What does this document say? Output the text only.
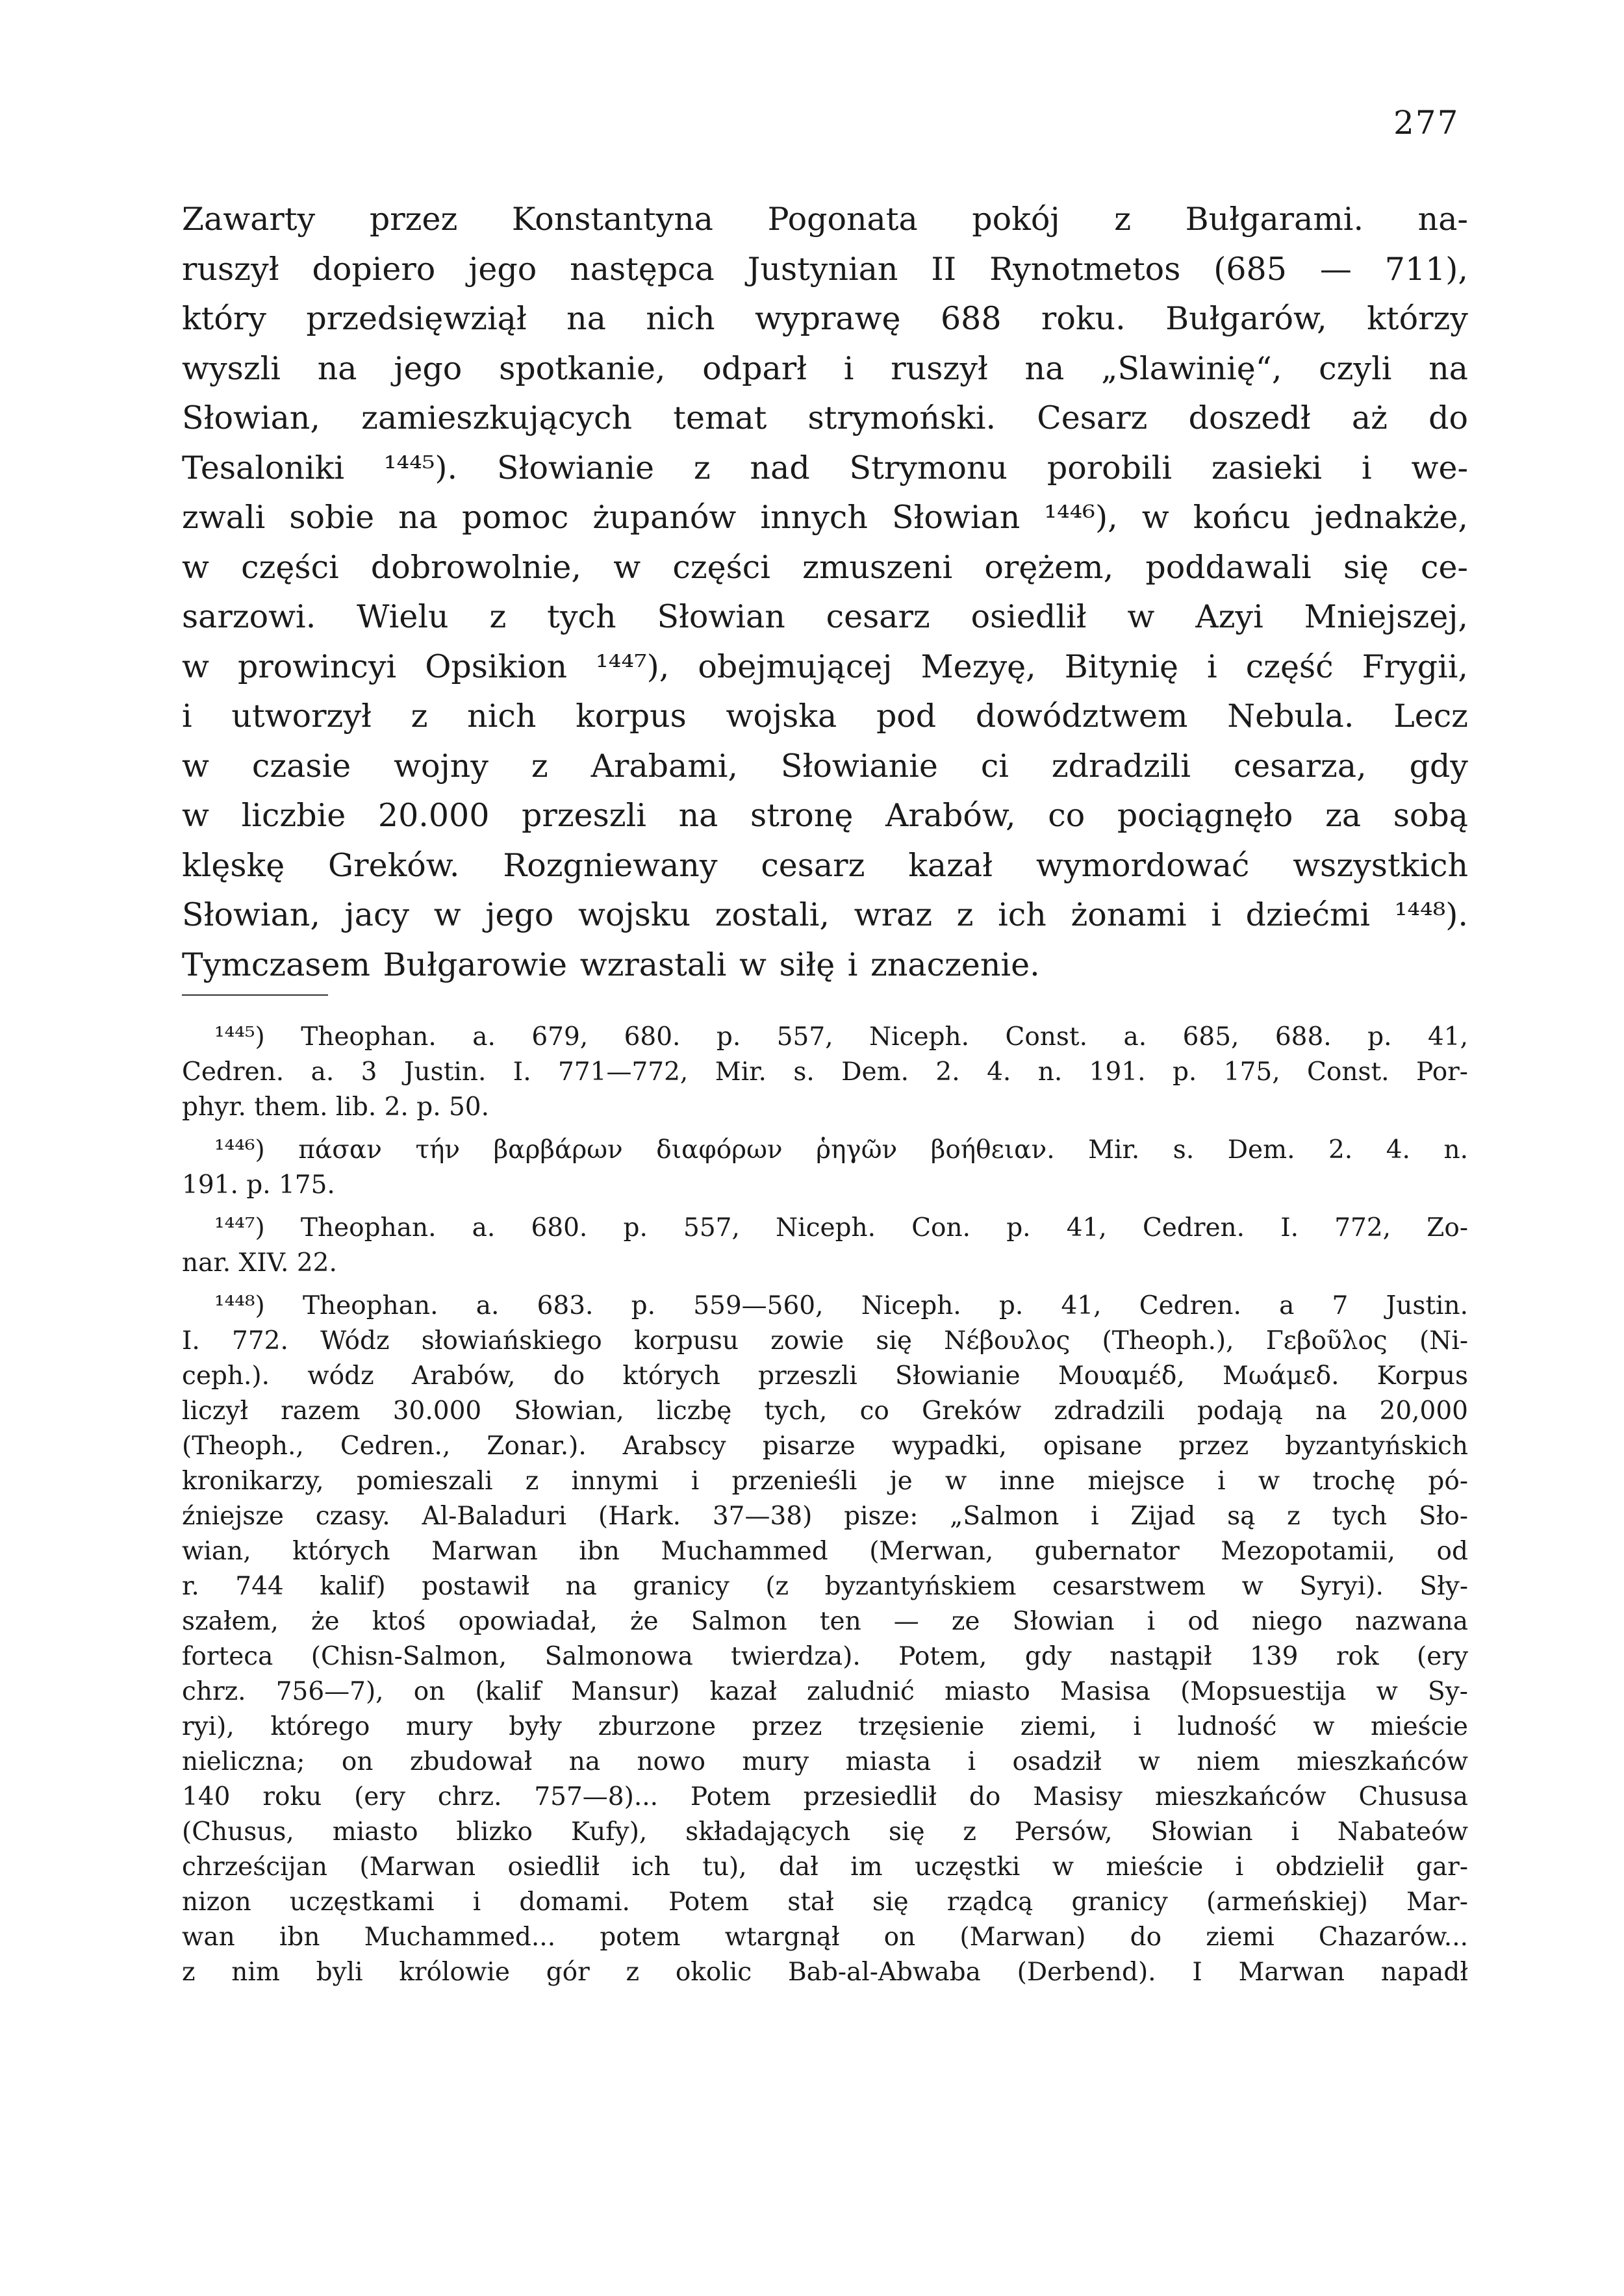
277
Zawarty przez Konstantyna Pogonata pokój z Bułgarami. na-
ruszył dopiero jego następca Justynian II Rynotmetos (685 — 711),
który przedsięwziął na nich wyprawę 688 roku. Bułgarów, którzy
wyszli na jego spotkanie, odparł i ruszył na „Slawinię“, czyli na
Słowian, zamieszkujących temat strymoński. Cesarz doszedł aż do
Tesaloniki ¹⁴⁴⁵). Słowianie z nad Strymonu porobili zasieki i we-
zwali sobie na pomoc żupanów innych Słowian ¹⁴⁴⁶), w końcu jednakże,
w części dobrowolnie, w części zmuszeni orężem, poddawali się ce-
sarzowi. Wielu z tych Słowian cesarz osiedlił w Azyi Mniejszej,
w prowincyi Opsikion ¹⁴⁴⁷), obejmującej Mezyę, Bitynię i część Frygii,
i utworzył z nich korpus wojska pod dowództwem Nebula. Lecz
w czasie wojny z Arabami, Słowianie ci zdradzili cesarza, gdy
w liczbie 20.000 przeszli na stronę Arabów, co pociągnęło za sobą
klęskę Greków. Rozgniewany cesarz kazał wymordować wszystkich
Słowian, jacy w jego wojsku zostali, wraz z ich żonami i dziećmi ¹⁴⁴⁸).
Tymczasem Bułgarowie wzrastali w siłę i znaczenie.
¹⁴⁴⁵) Theophan. a. 679, 680. p. 557, Niceph. Const. a. 685, 688. p. 41,
Cedren. a. 3 Justin. I. 771—772, Mir. s. Dem. 2. 4. n. 191. p. 175, Const. Por-
phyr. them. lib. 2. p. 50.
¹⁴⁴⁶) πάσαν τήν βαρβάρων διαφόρων ῥηγῶν βοήθειαν. Mir. s. Dem. 2. 4. n.
191. p. 175.
¹⁴⁴⁷) Theophan. a. 680. p. 557, Niceph. Con. p. 41, Cedren. I. 772, Zo-
nar. XIV. 22.
¹⁴⁴⁸) Theophan. a. 683. p. 559—560, Niceph. p. 41, Cedren. a 7 Justin.
I. 772. Wódz słowiańskiego korpusu zowie się Νέβουλος (Theoph.), Γεβοῦλος (Ni-
ceph.). wódz Arabów, do których przeszli Słowianie Μουαμέδ, Μωάμεδ. Korpus
liczył razem 30.000 Słowian, liczbę tych, co Greków zdradzili podają na 20,000
(Theoph., Cedren., Zonar.). Arabscy pisarze wypadki, opisane przez byzantyńskich
kronikarzy, pomieszali z innymi i przenieśli je w inne miejsce i w trochę pó-
źniejsze czasy. Al-Baladuri (Hark. 37—38) pisze: „Salmon i Zijad są z tych Sło-
wian, których Marwan ibn Muchammed (Merwan, gubernator Mezopotamii, od
r. 744 kalif) postawił na granicy (z byzantyńskiem cesarstwem w Syryi). Sły-
szałem, że ktoś opowiadał, że Salmon ten — ze Słowian i od niego nazwana
forteca (Chisn-Salmon, Salmonowa twierdza). Potem, gdy nastąpił 139 rok (ery
chrz. 756—7), on (kalif Mansur) kazał zaludnić miasto Masisa (Mopsuestija w Sy-
ryi), którego mury były zburzone przez trzęsienie ziemi, i ludność w mieście
nieliczna; on zbudował na nowo mury miasta i osadził w niem mieszkańców
140 roku (ery chrz. 757—8)... Potem przesiedlił do Masisy mieszkańców Chususa
(Chusus, miasto blizko Kufy), składających się z Persów, Słowian i Nabateów
chrześcijan (Marwan osiedlił ich tu), dał im uczęstki w mieście i obdzielił gar-
nizon uczęstkami i domami. Potem stał się rządcą granicy (armeńskiej) Mar-
wan ibn Muchammed... potem wtargnął on (Marwan) do ziemi Chazarów...
z nim byli królowie gór z okolic Bab-al-Abwaba (Derbend). I Marwan napadł
